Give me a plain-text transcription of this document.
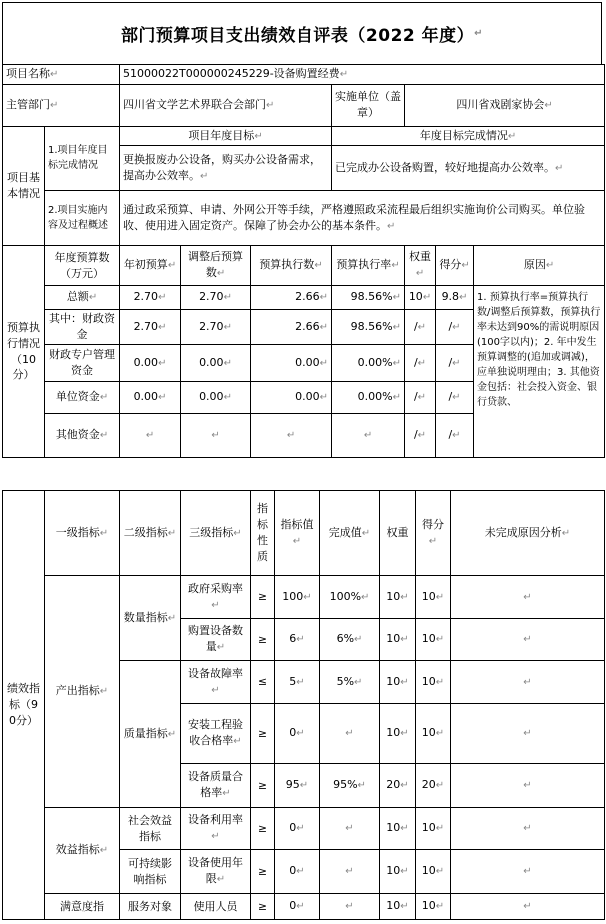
部门预算项目支出绩效自评表（2022 年度） ↵
项目名称↵		51000022T000000245229-设备购置经费↵						
主管部门↵		四川省文学艺术界联合会部门↵			实施单位（盖章）	四川省戏剧家协会↵		
项目基本情况	1.项目年度目标完成情况	项目年度目标↵			年度目标完成情况↵			
		更换报废办公设备，购买办公设备需求，提高办公效率。↵			已完成办公设备购置，较好地提高办公效率。↵			
	2.项目实施内容及过程概述	通过政采预算、申请、外网公开等手续，严格遵照政采流程最后组织实施询价公司购买。单位验收、使用进入固定资产。保障了协会办公的基本条件。↵						

预算执行情况（10分）	年度预算数（万元）	年初预算↵	调整后预算数↵	预算执行数↵	预算执行率↵	权重↵	得分↵	原因↵
	总额↵	2.70↵	2.70↵	2.66↵	98.56%↵	10↵	9.8↵	1. 预算执行率=预算执行数/调整后预算数，预算执行率未达到90%的需说明原因(100字以内)；2. 年中发生预算调整的(追加或调减)，应单独说明理由；3. 其他资金包括：社会投入资金、银行贷款、
	其中：财政资金	2.70↵	2.70↵	2.66↵	98.56%↵	/↵	/↵	
	财政专户管理资金	0.00↵	0.00↵	0.00↵	0.00%↵	/↵	/↵	
	单位资金↵	0.00↵	0.00↵	0.00↵	0.00%↵	/↵	/↵	
	其他资金↵	↵	↵	↵	↵	/↵	/↵	
绩效指标（90分）	一级指标↵	二级指标↵	三级指标↵	指标性质	指标值↵	完成值↵	权重	得分↵	未完成原因分析↵
	产出指标↵	数量指标↵	政府采购率↵	≥	100↵	100%↵	10↵	10↵	↵
			购置设备数量↵	≥	6↵	6%↵	10↵	10↵	↵
		质量指标↵	设备故障率↵	≤	5↵	5%↵	10↵	10↵	↵
			安装工程验收合格率↵	≥	0↵	↵	10↵	10↵	↵
			设备质量合格率↵	≥	95↵	95%↵	20↵	20↵	↵
	效益指标↵	社会效益指标	设备利用率↵	≥	0↵	↵	10↵	10↵	↵
		可持续影响指标	设备使用年限↵	≥	0↵	↵	10↵	10↵	↵
	满意度指	服务对象	使用人员	≥	0↵	↵	10↵	10↵	↵
